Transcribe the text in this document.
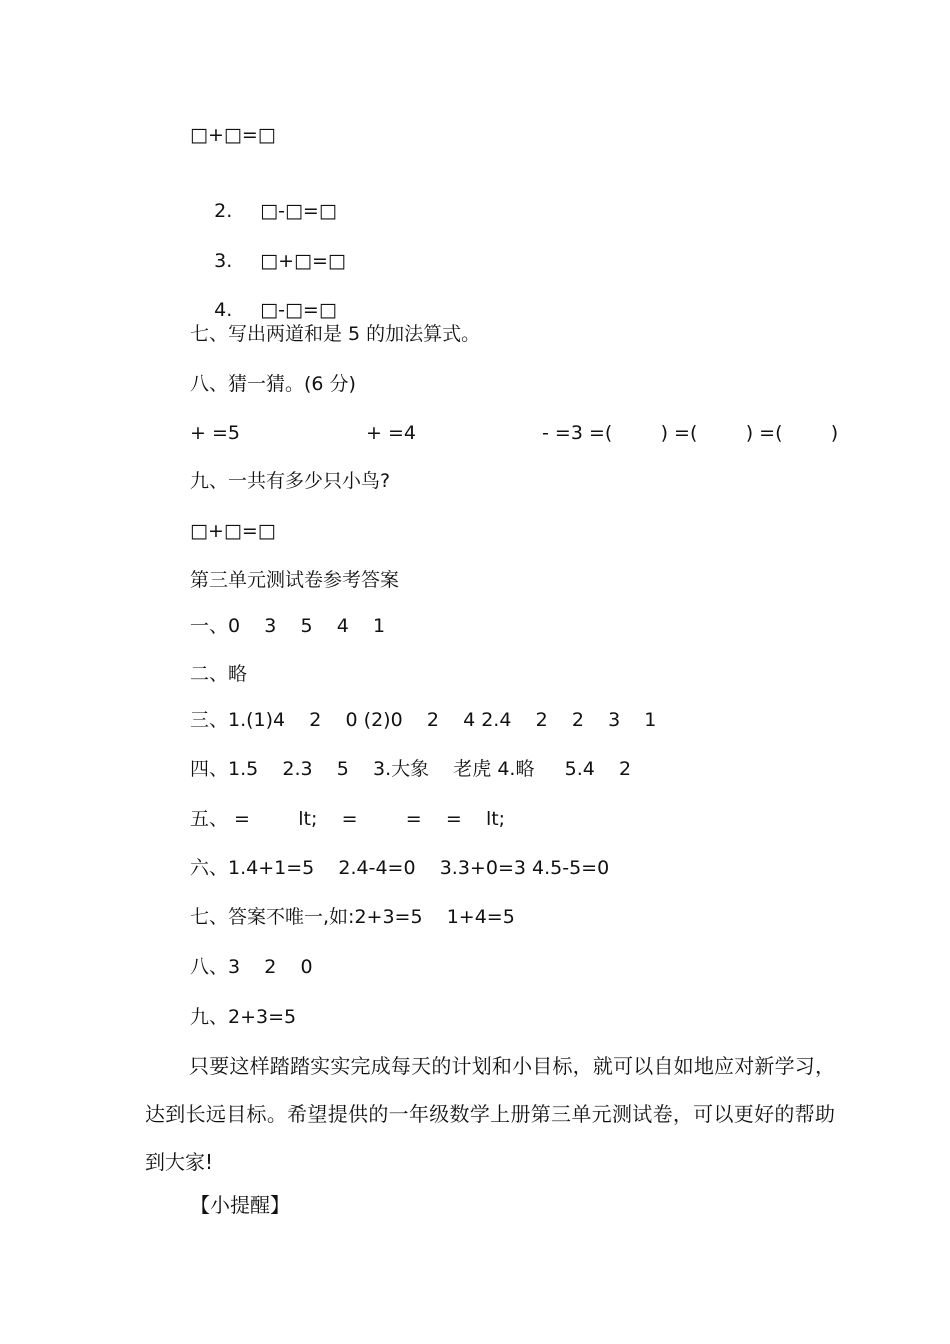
□+□=□

2. □-□=□

3. □+□=□

4. □-□=□

七、写出两道和是 5 的加法算式。
八、猜一猜。(6 分)

+ =5

	+ =4

	- =3 =(        ) =(        ) =(        )

九、一共有多少只小鸟?
□+□=□
第三单元测试卷参考答案
一、0    3    5    4    1
二、略
三、1.(1)4    2    0 (2)0    2    4 2.4    2    2    3    1
四、1.5    2.3    5    3.大象    老虎 4.略     5.4    2
五、 =        lt;    =        =    =    lt;
六、1.4+1=5    2.4-4=0    3.3+0=3 4.5-5=0
七、答案不唯一,如:2+3=5    1+4=5
八、3    2    0
九、2+3=5
只要这样踏踏实实完成每天的计划和小目标，就可以自如地应对新学习，达到长远目标。希望提供的一年级数学上册第三单元测试卷，可以更好的帮助到大家!
【小提醒】
